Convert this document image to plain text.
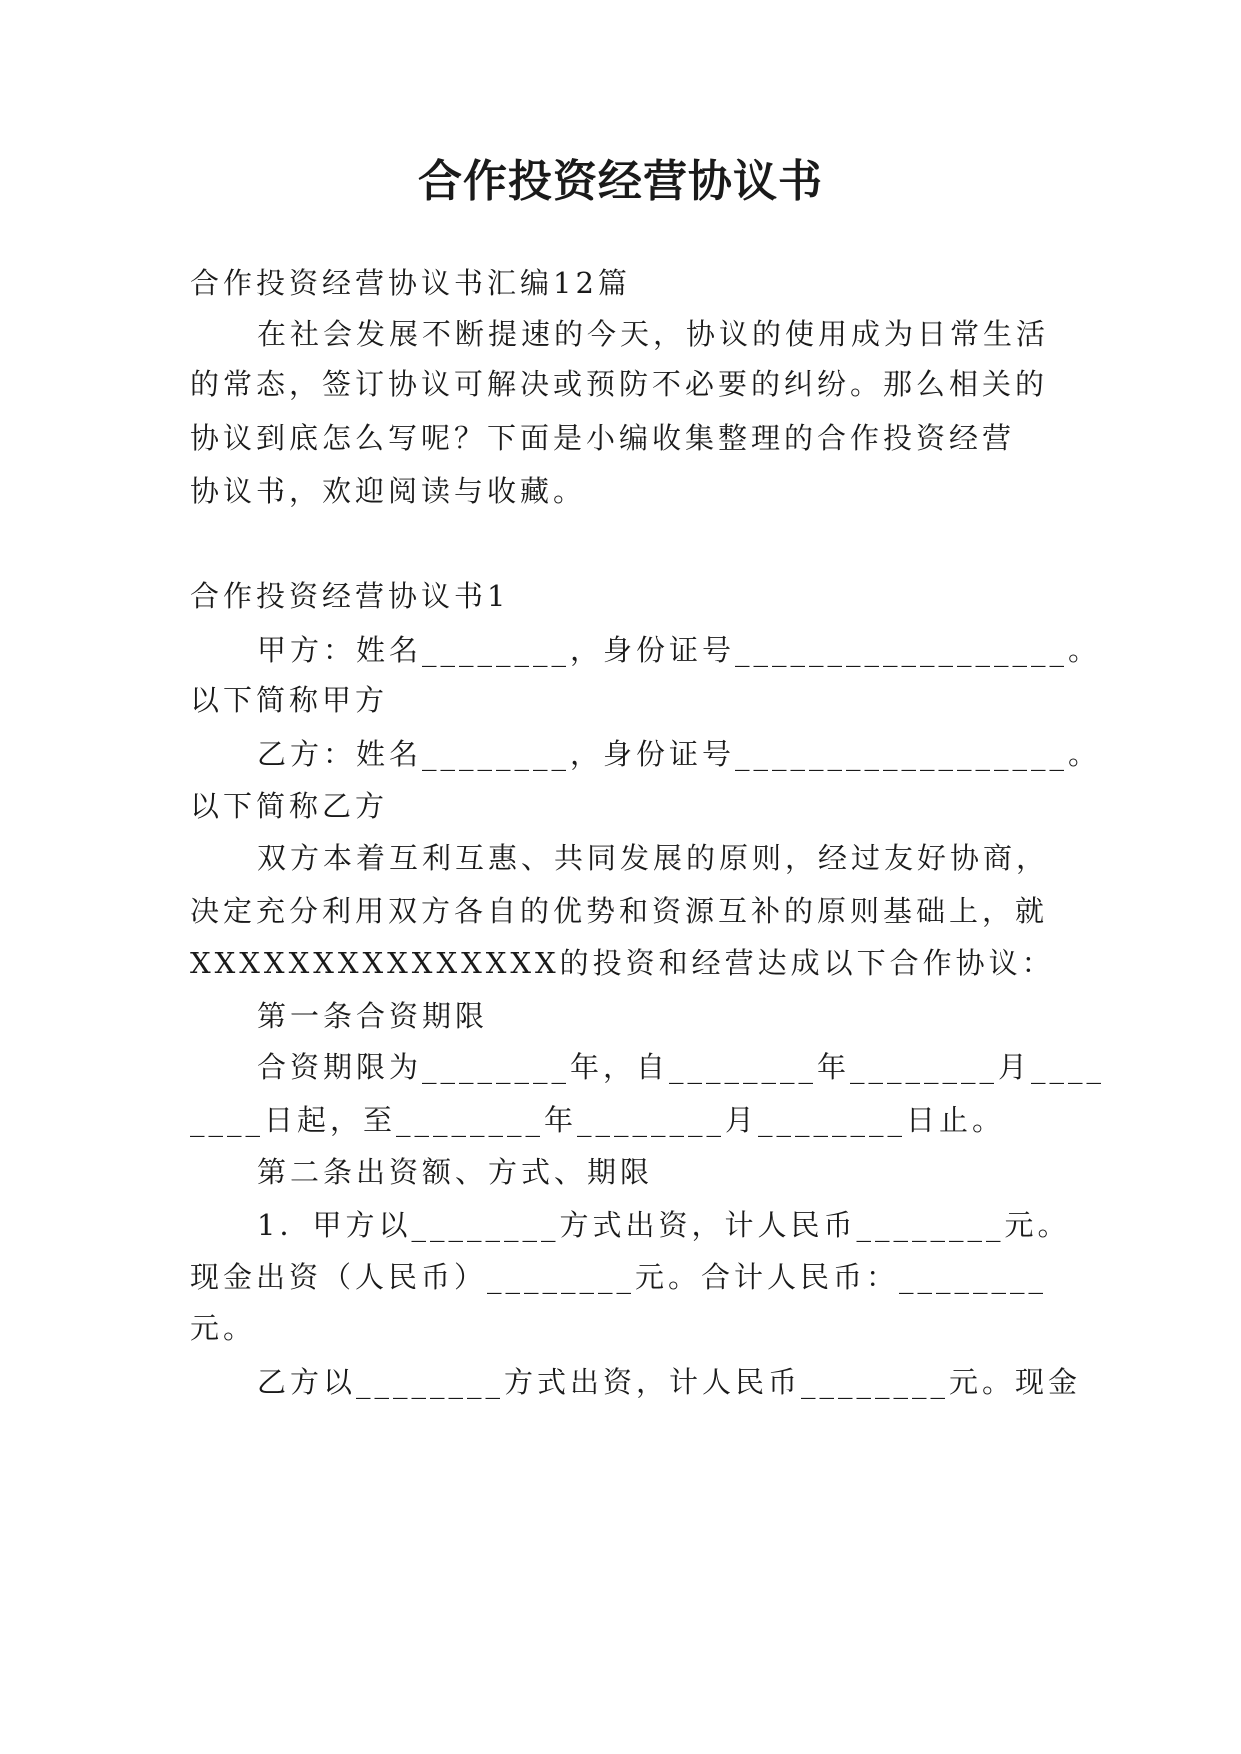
合作投资经营协议书
合作投资经营协议书汇编12篇
在社会发展不断提速的今天，协议的使用成为日常生活
的常态，签订协议可解决或预防不必要的纠纷。那么相关的
协议到底怎么写呢？下面是小编收集整理的合作投资经营
协议书，欢迎阅读与收藏。
合作投资经营协议书1
甲方：姓名________，身份证号__________________。
以下简称甲方
乙方：姓名________，身份证号__________________。
以下简称乙方
双方本着互利互惠、共同发展的原则，经过友好协商，
决定充分利用双方各自的优势和资源互补的原则基础上，就
XXXXXXXXXXXXXXX的投资和经营达成以下合作协议：
第一条合资期限
合资期限为________年，自________年________月____
____日起，至________年________月________日止。
第二条出资额、方式、期限
1．甲方以________方式出资，计人民币________元。
现金出资（人民币）________元。合计人民币：________
元。
乙方以________方式出资，计人民币________元。现金
